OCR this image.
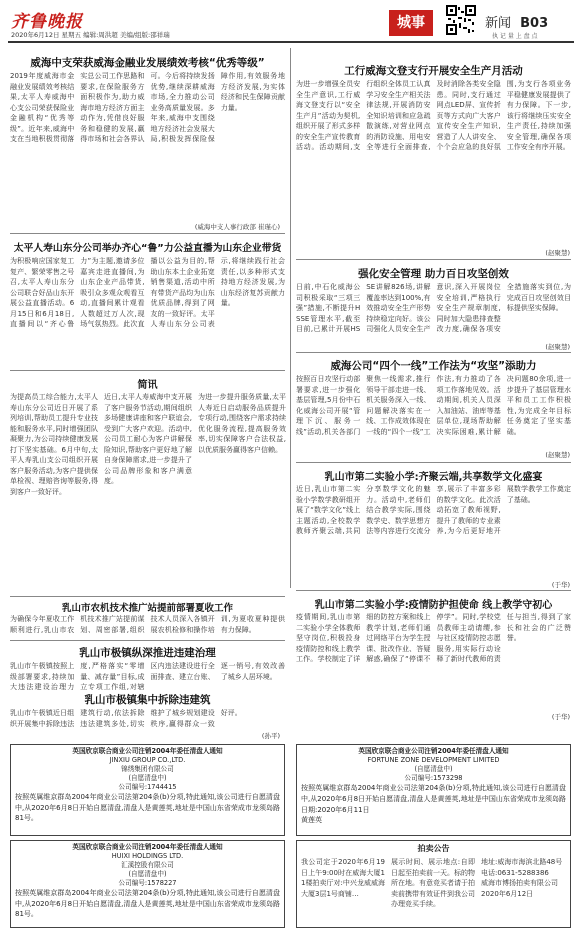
齐鲁晚报
2020年6月12日 星期五 编辑:周洪超 美编/组版:邵祥瑞
城事	新闻 B03
执 记 量 上 盘 点
威海中支荣获威海金融业发展绩效考核“优秀等级”
2019年度威海市金融业发展绩效考核结果,太平人寿威海中心支公司荣获保险业金融机构“优秀等级”。近年来,威海中支在当地积极贯彻落实总公司工作思路和要求,在保险服务方面积极作为,助力威海市地方经济方面主动作为,凭借良好服务和稳健的发展,赢得市场和社会各界认可。今后将持续发扬优势,继续深耕威海市场,全力推动公司业务高质量发展。多年来,威海中支围绕地方经济社会发展大局,积极发挥保险保障作用,有效服务地方经济发展,为实体经济和民生保障贡献力量。
(威海中支人事行政部 崔瑾心)
太平人寿山东分公司举办齐心“鲁”力公益直播为山东企业带货
为积极响应国家复工复产、繁荣零售之号召,太平人寿山东分公司联合好品山东开展公益直播活动。6月15日和6月18日,直播间以“齐心鲁力”为主题,邀请多位嘉宾走进直播间,为山东企业产品带货,吸引众多观众观看互动,直播间累计观看人数超过万人次,现场气氛热烈。此次直播以公益为目的,帮助山东本土企业拓宽销售渠道,活动中所有带货产品均为山东优质品牌,得到了网友的一致好评。太平人寿山东分公司表示,将继续践行社会责任,以多种形式支持地方经济发展,为山东经济复苏贡献力量。
简讯
为提高员工综合能力,太平人寿山东分公司近日开展了系列培训,帮助员工提升专业技能和服务水平,同时增强团队凝聚力,为公司持续健康发展打下坚实基础。6月中旬,太平人寿乳山支公司组织开展客户服务活动,为客户提供保单检视、理赔咨询等服务,得到客户一致好评。
近日,太平人寿威海中支开展了客户服务节活动,期间组织多场健康讲座和客户联谊会,受到广大客户欢迎。活动中,公司员工耐心为客户讲解保险知识,帮助客户更好地了解自身保障需求,进一步提升了公司品牌形象和客户满意度。
为进一步提升服务质量,太平人寿近日启动服务品质提升专项行动,围绕客户需求持续优化服务流程,提高服务效率,切实保障客户合法权益,以优质服务赢得客户信赖。
工行威海文登支行开展安全生产月活动
为进一步增强全员安全生产意识,工行威海文登支行以“安全生产月”活动为契机,组织开展了形式多样的安全生产宣传教育活动。活动期间,支行组织全体员工认真学习安全生产相关法律法规,开展消防安全知识培训和应急疏散演练,对营业网点的消防设施、用电安全等进行全面排查,及时消除各类安全隐患。同时,支行通过网点LED屏、宣传折页等方式向广大客户宣传安全生产知识,营造了人人讲安全、个个会应急的良好氛围,为支行各项业务平稳健康发展提供了有力保障。下一步,该行将继续压实安全生产责任,持续加强安全管理,确保各项工作安全有序开展。
(赵聚慧)
强化安全管理 助力百日攻坚创效
日前,中石化威海公司积极采取“三项三强”措施,不断提升HSSE管理水平,截至目前,已累计开展HSSE讲解826场,讲解覆盖率达到100%,有效推动安全生产形势持续稳定向好。该公司强化人员安全生产意识,深入开展岗位安全培训,严格执行安全生产规章制度,同时加大隐患排查整改力度,确保各项安全措施落实到位,为完成百日攻坚创效目标提供坚实保障。
(赵聚慧)
威海公司“四个一线”工作法为“攻坚”添助力
按照百日攻坚行动部署要求,进一步强化基层管理,5月份中石化威海公司开展“管理下沉、服务一线”活动,机关各部门聚焦一线需求,推行领导干部走进一线、机关服务深入一线、问题解决落实在一线、工作成效体现在一线的“四个一线”工作法,有力推动了各项工作落地见效。活动期间,机关人员深入加油站、油库等基层单位,现场帮助解决实际困难,累计解决问题80余项,进一步提升了基层管理水平和员工工作积极性,为完成全年目标任务奠定了坚实基础。
(赵聚慧)
乳山市第二实验小学:齐聚云端,共享数学文化盛宴
近日,乳山市第二实验小学数学教研组开展了“数学文化”线上主题活动,全校数学教师齐聚云端,共同分享数学文化的魅力。活动中,老师们结合教学实际,围绕数学史、数学思想方法等内容进行交流分享,展示了丰富多彩的数学文化。此次活动拓宽了教师视野,提升了教师的专业素养,为今后更好地开展数学教学工作奠定了基础。
(于华)
乳山市农机技术推广站提前部署夏收工作
为确保今年夏收工作顺利进行,乳山市农机技术推广站提前谋划、周密部署,组织技术人员深入各镇开展农机检修和操作培训,为夏收夏种提供有力保障。
乳山市极镇纵深推进违建治理
乳山市午极镇按照上级部署要求,持续加大违法建设治理力度,严格落实“零增量、减存量”目标,成立专项工作组,对辖区内违法建设进行全面排查、建立台账、逐一销号,有效改善了城乡人居环境。
乳山市极镇集中拆除违建筑
乳山市午极镇近日组织开展集中拆除违法建筑行动,依法拆除违法建筑多处,切实维护了城乡规划建设秩序,赢得群众一致好评。
(孙平)
乳山市第二实验小学:疫情防护担使命 线上教学守初心
疫情期间,乳山市第二实验小学全体教师坚守岗位,积极投身疫情防控和线上教学工作。学校制定了详细的防控方案和线上教学计划,老师们通过网络平台为学生授课、批改作业、答疑解惑,确保了“停课不停学”。同时,学校党员教师主动请缨,参与社区疫情防控志愿服务,用实际行动诠释了新时代教师的责任与担当,得到了家长和社会的广泛赞誉。
(于华)
英国欣京联合商业公司注销2004年委任清盘人通知
JINXIU GROUP CO.,LTD.
锦绣集团有限公司
(自愿清盘中)
公司编号:1744415
按照英属维京群岛2004年商业公司法第204条(b)分项,特此通知,该公司进行自愿清盘中,从2020年6月8日开始自愿清盘,清盘人是黄莲英,地址是中国山东省荣成市龙须岛路81号。
英国欣京联合商业公司注销2004年委任清盘人通知
HUIXI HOLDINGS LTD.
汇溪控股有限公司
(自愿清盘中)
公司编号:1578227
按照英属维京群岛2004年商业公司法第204条(b)分项,特此通知,该公司进行自愿清盘中,从2020年6月8日开始自愿清盘,清盘人是黄莲英,地址是中国山东省荣成市龙须岛路81号。
英国欣京联合商业公司注销2004年委任清盘人通知
FORTUNE ZONE DEVELOPMENT LIMITED
(自愿清盘中)
公司编号:1573298
按照英属维京群岛2004年商业公司法第204条(b)分项,特此通知,该公司进行自愿清盘中,从2020年6月8日开始自愿清盘,清盘人是黄莲英,地址是中国山东省荣成市龙须岛路
日期:2020年6月11日
黄莲英
拍卖公告
我公司定于2020年6月19日上午9:00时在威海大厦11楼拍卖厅对:中兴龙威威海大厦3层1号商铺…
展示时间、展示地点:自即日起至拍卖前一天。标的物所在地。有意竞买者请于拍卖前携带有效证件到我公司办理竞买手续。
地址:威海市海滨北路48号
电话:0631-5288386
威海市博扬拍卖有限公司
2020年6月12日
